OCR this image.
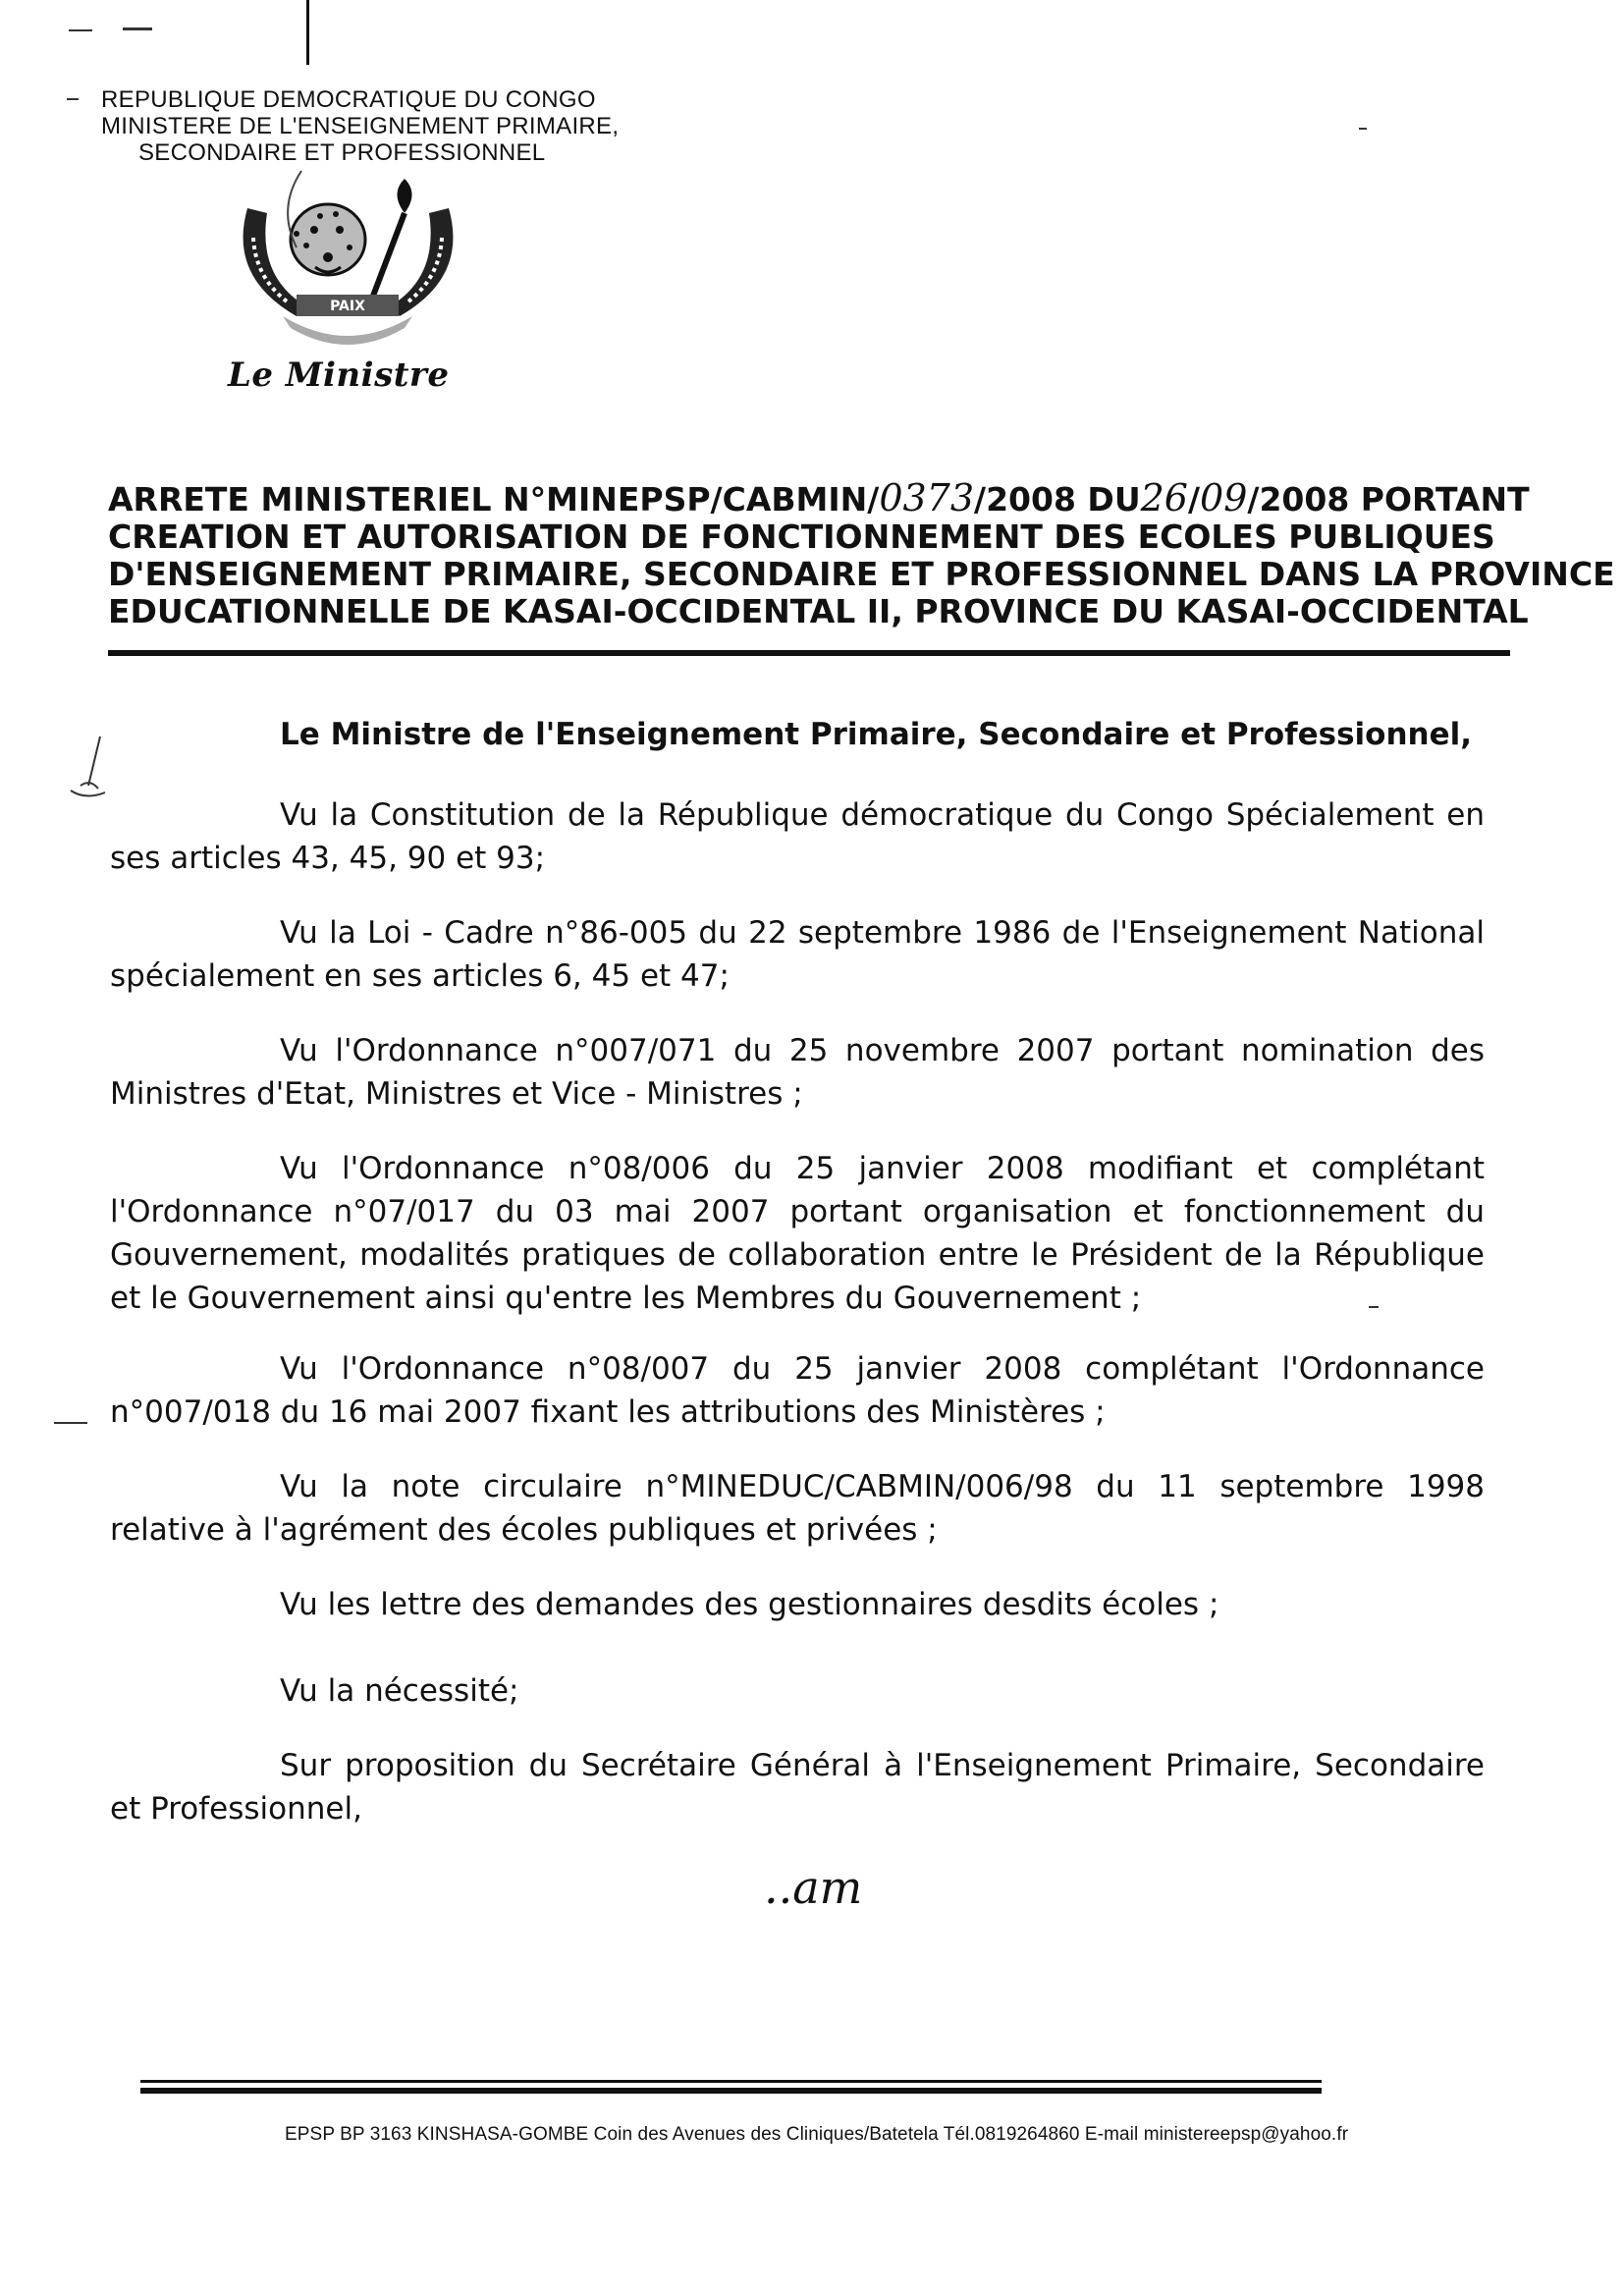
REPUBLIQUE DEMOCRATIQUE DU CONGO
MINISTERE DE L'ENSEIGNEMENT PRIMAIRE,
SECONDAIRE ET PROFESSIONNEL
PAIX
Le Ministre
ARRETE MINISTERIEL N°MINEPSP/CABMIN/0373/2008 DU26/09/2008 PORTANT
CREATION ET AUTORISATION DE FONCTIONNEMENT DES ECOLES PUBLIQUES
D'ENSEIGNEMENT PRIMAIRE, SECONDAIRE ET PROFESSIONNEL DANS LA PROVINCE
EDUCATIONNELLE DE KASAI-OCCIDENTAL II, PROVINCE DU KASAI-OCCIDENTAL
Le Ministre de l'Enseignement Primaire, Secondaire et Professionnel,
Vu la Constitution de la République démocratique du Congo Spécialement en ses articles 43, 45, 90 et 93;
Vu la Loi - Cadre n°86-005 du 22 septembre 1986 de l'Enseignement National spécialement en ses articles 6, 45 et 47;
Vu l'Ordonnance n°007/071 du 25 novembre 2007 portant nomination des Ministres d'Etat, Ministres et Vice - Ministres ;
Vu l'Ordonnance n°08/006 du 25 janvier 2008 modifiant et complétant l'Ordonnance n°07/017 du 03 mai 2007 portant organisation et fonctionnement du Gouvernement, modalités pratiques de collaboration entre le Président de la République et le Gouvernement ainsi qu'entre les Membres du Gouvernement ;
Vu l'Ordonnance n°08/007 du 25 janvier 2008 complétant l'Ordonnance n°007/018 du 16 mai 2007 fixant les attributions des Ministères ;
Vu la note circulaire n°MINEDUC/CABMIN/006/98 du 11 septembre 1998 relative à l'agrément des écoles publiques et privées ;
Vu les lettre des demandes des gestionnaires desdits écoles ;
Vu la nécessité;
Sur proposition du Secrétaire Général à l'Enseignement Primaire, Secondaire et Professionnel,
..am
EPSP BP 3163 KINSHASA-GOMBE Coin des Avenues des Cliniques/Batetela Tél.0819264860 E-mail ministereepsp@yahoo.fr
